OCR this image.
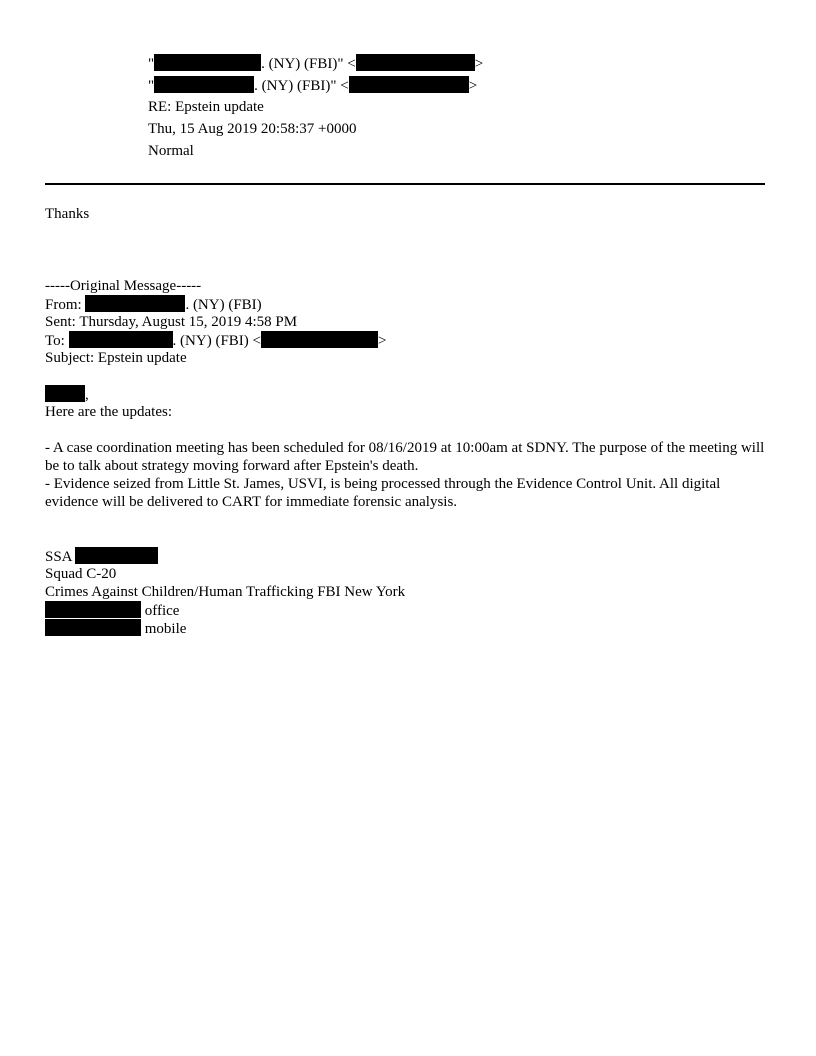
"	. (NY) (FBI)" <	>
"	. (NY) (FBI)" <	>
RE: Epstein update
Thu, 15 Aug 2019 20:58:37 +0000
Normal
Thanks
-----Original Message-----
From:	. (NY) (FBI)
Sent: Thursday, August 15, 2019 4:58 PM
To:	. (NY) (FBI) <	>
Subject: Epstein update
,
Here are the updates:
- A case coordination meeting has been scheduled for 08/16/2019 at 10:00am at SDNY. The purpose of the meeting will be to talk about strategy moving forward after Epstein's death.
- Evidence seized from Little St. James, USVI, is being processed through the Evidence Control Unit. All digital evidence will be delivered to CART for immediate forensic analysis.
SSA
Squad C-20
Crimes Against Children/Human Trafficking FBI New York
office
mobile
